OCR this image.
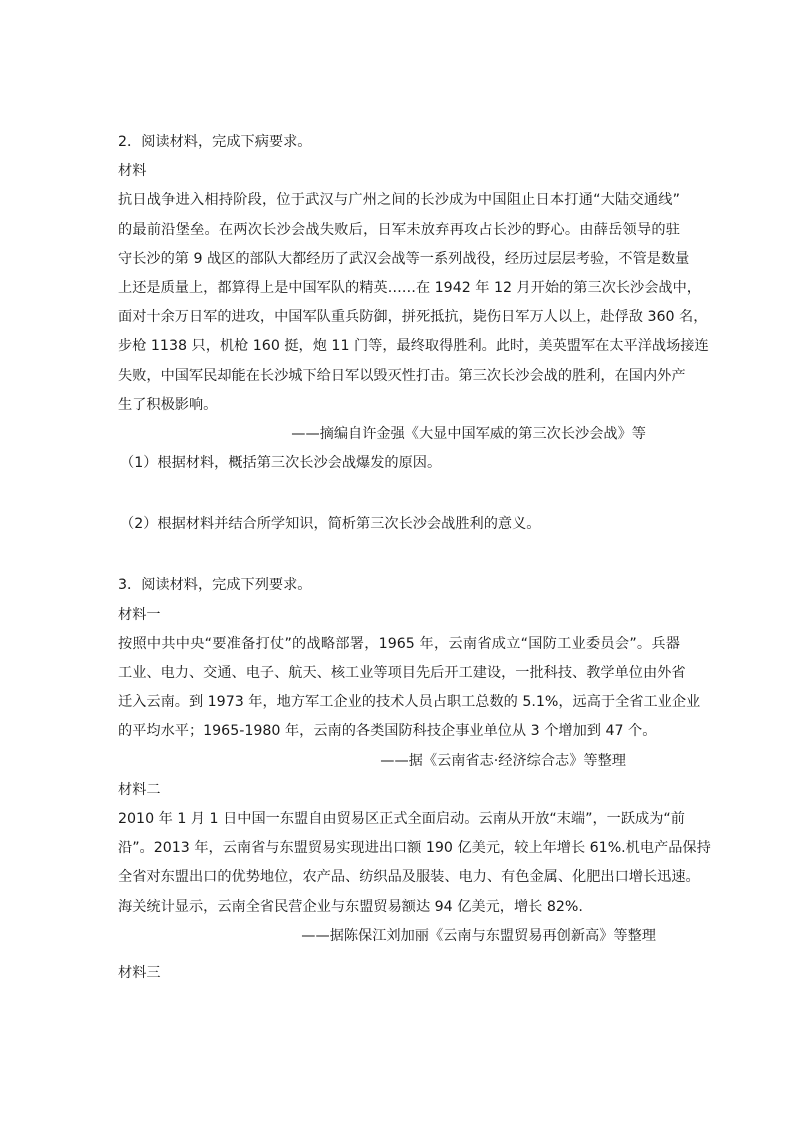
2．阅读材料，完成下病要求。
材料
抗日战争进入相持阶段，位于武汉与广州之间的长沙成为中国阻止日本打通“大陆交通线”
的最前沿堡垒。在两次长沙会战失败后，日军未放弃再攻占长沙的野心。由薛岳领导的驻
守长沙的第 9 战区的部队大都经历了武汉会战等一系列战役，经历过层层考验，不管是数量
上还是质量上，都算得上是中国军队的精英……在 1942 年 12 月开始的第三次长沙会战中，
面对十余万日军的进攻，中国军队重兵防御，拼死抵抗，毙伤日军万人以上，赴俘敌 360 名，
步枪 1138 只，机枪 160 挺，炮 11 门等，最终取得胜利。此时，美英盟军在太平洋战场接连
失败，中国军民却能在长沙城下给日军以毁灭性打击。第三次长沙会战的胜利，在国内外产
生了积极影响。
——摘编自许金强《大显中国军威的第三次长沙会战》等
（1）根据材料，概括第三次长沙会战爆发的原因。
（2）根据材料并结合所学知识，简析第三次长沙会战胜利的意义。
3．阅读材料，完成下列要求。
材料一
按照中共中央“要准备打仗”的战略部署，1965 年，云南省成立“国防工业委员会”。兵器
工业、电力、交通、电子、航天、核工业等项目先后开工建设，一批科技、教学单位由外省
迁入云南。到 1973 年，地方军工企业的技术人员占职工总数的 5.1%，远高于全省工业企业
的平均水平；1965-1980 年，云南的各类国防科技企事业单位从 3 个增加到 47 个。
——据《云南省志·经济综合志》等整理
材料二
2010 年 1 月 1 日中国一东盟自由贸易区正式全面启动。云南从开放“末端”，一跃成为“前
沿”。2013 年，云南省与东盟贸易实现进出口额 190 亿美元，较上年增长 61%.机电产品保持
全省对东盟出口的优势地位，农产品、纺织品及服装、电力、有色金属、化肥出口增长迅速。
海关统计显示，云南全省民营企业与东盟贸易额达 94 亿美元，增长 82%.
——据陈保江刘加丽《云南与东盟贸易再创新高》等整理
材料三
